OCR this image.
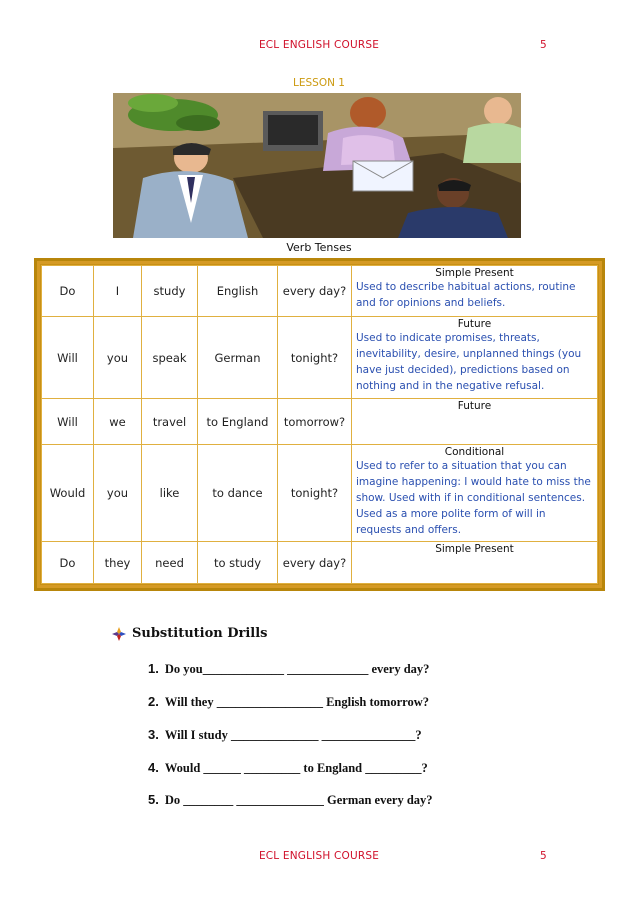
ECL ENGLISH COURSE	5
LESSON 1
Verb Tenses
Do	I	study	English	every day?	Simple Present
Used to describe habitual actions, routine and for opinions and beliefs.

Will	you	speak	German	tonight?	Future
Used to indicate promises, threats, inevitability, desire, unplanned things (you have just decided), predictions based on nothing and in the negative refusal.

Will	we	travel	to England	tomorrow?	Future

Would	you	like	to dance	tonight?	Conditional
Used to refer to a situation that you can imagine happening: I would hate to miss the show. Used with if in conditional sentences. Used as a more polite form of will in requests and offers.

Do	they	need	to study	every day?	Simple Present
Substitution Drills
1. Do you_____________ _____________ every day?
2. Will they _________________ English tomorrow?
3. Will I study ______________ _______________?
4. Would ______ _________ to England _________?
5. Do ________ ______________ German every day?
ECL ENGLISH COURSE	5
